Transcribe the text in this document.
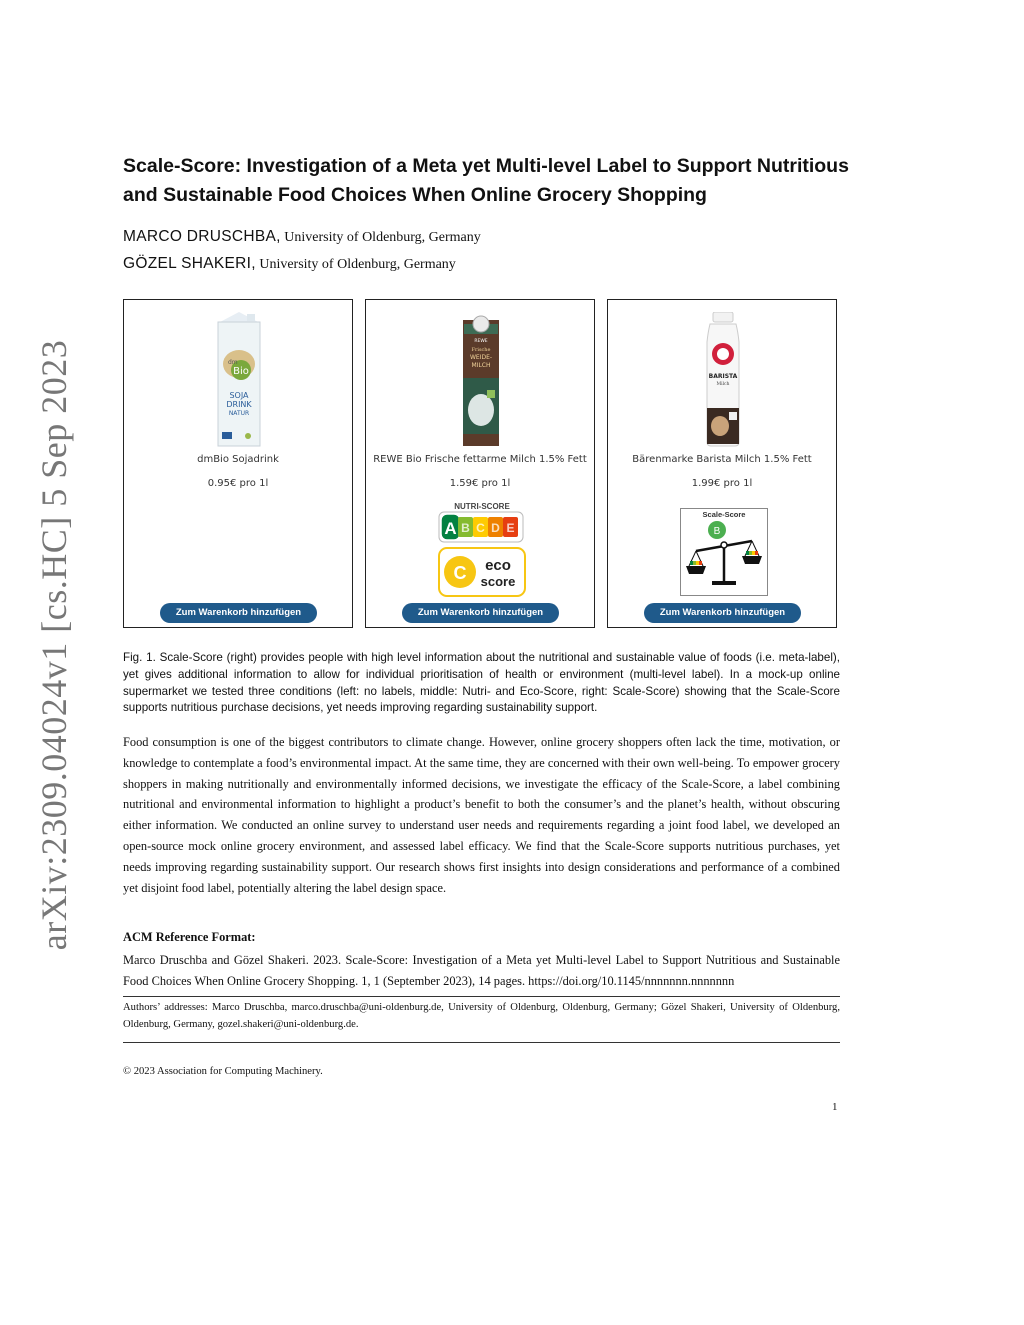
arXiv:2309.04024v1 [cs.HC] 5 Sep 2023
Scale-Score: Investigation of a Meta yet Multi-level Label to Support Nutritious and Sustainable Food Choices When Online Grocery Shopping
MARCO DRUSCHBA, University of Oldenburg, Germany
GÖZEL SHAKERI, University of Oldenburg, Germany
Bio
dm
SOJA
DRINK
NATUR
dmBio Sojadrink
0.95€ pro 1l
Zum Warenkorb hinzufügen
REWE
Frische
WEIDE-
MILCH
REWE Bio Frische fettarme Milch 1.5% Fett
1.59€ pro 1l
NUTRI-SCORE
A B C D E
C eco
score
Zum Warenkorb hinzufügen
BARISTA
Milch
Bärenmarke Barista Milch 1.5% Fett
1.99€ pro 1l
Scale-Score
B
Zum Warenkorb hinzufügen

Fig. 1. Scale-Score (right) provides people with high level information about the nutritional and sustainable value of foods (i.e. meta-label), yet gives additional information to allow for individual prioritisation of health or environment (multi-level label). In a mock-up online supermarket we tested three conditions (left: no labels, middle: Nutri- and Eco-Score, right: Scale-Score) showing that the Scale-Score supports nutritious purchase decisions, yet needs improving regarding sustainability support.

Food consumption is one of the biggest contributors to climate change. However, online grocery shoppers often lack the time, motivation, or knowledge to contemplate a food’s environmental impact. At the same time, they are concerned with their own well-being. To empower grocery shoppers in making nutritionally and environmentally informed decisions, we investigate the efficacy of the Scale-Score, a label combining nutritional and environmental information to highlight a product’s benefit to both the consumer’s and the planet’s health, without obscuring either information. We conducted an online survey to understand user needs and requirements regarding a joint food label, we developed an open-source mock online grocery environment, and assessed label efficacy. We find that the Scale-Score supports nutritious purchases, yet needs improving regarding sustainability support. Our research shows first insights into design considerations and performance of a combined yet disjoint food label, potentially altering the label design space.

ACM Reference Format:

Marco Druschba and Gözel Shakeri. 2023. Scale-Score: Investigation of a Meta yet Multi-level Label to Support Nutritious and Sustainable Food Choices When Online Grocery Shopping. 1, 1 (September 2023), 14 pages. https://doi.org/10.1145/nnnnnnn.nnnnnnn

Authors’ addresses: Marco Druschba, marco.druschba@uni-oldenburg.de, University of Oldenburg, Oldenburg, Germany; Gözel Shakeri, University of Oldenburg, Oldenburg, Germany, gozel.shakeri@uni-oldenburg.de.

© 2023 Association for Computing Machinery.
1
